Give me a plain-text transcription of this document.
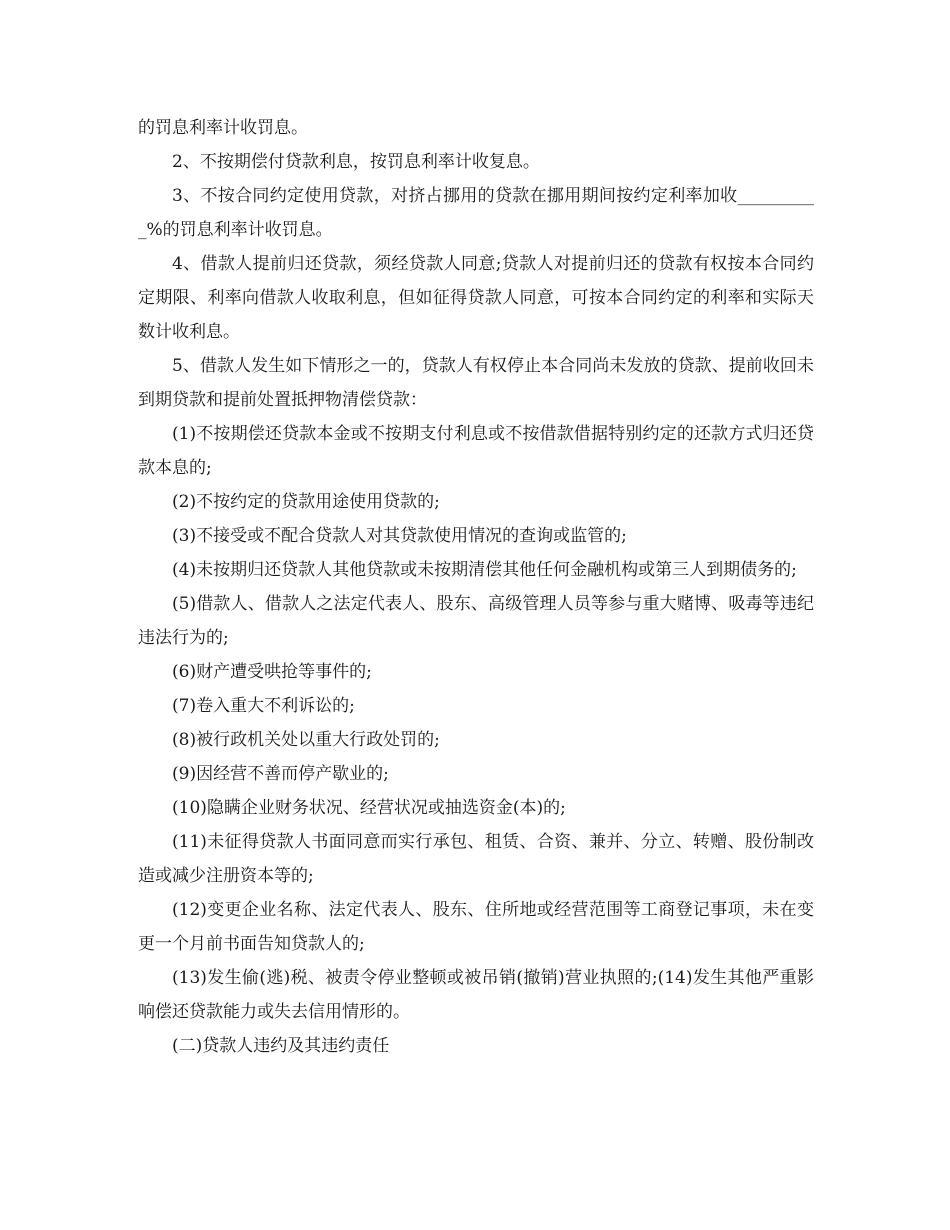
的罚息利率计收罚息。

2、不按期偿付贷款利息，按罚息利率计收复息。

3、不按合同约定使用贷款，对挤占挪用的贷款在挪用期间按约定利率加收__________%的罚息利率计收罚息。

4、借款人提前归还贷款，须经贷款人同意;贷款人对提前归还的贷款有权按本合同约定期限、利率向借款人收取利息，但如征得贷款人同意，可按本合同约定的利率和实际天数计收利息。

5、借款人发生如下情形之一的，贷款人有权停止本合同尚未发放的贷款、提前收回未到期贷款和提前处置抵押物清偿贷款：

(1)不按期偿还贷款本金或不按期支付利息或不按借款借据特别约定的还款方式归还贷款本息的;

(2)不按约定的贷款用途使用贷款的;

(3)不接受或不配合贷款人对其贷款使用情况的查询或监管的;

(4)未按期归还贷款人其他贷款或未按期清偿其他任何金融机构或第三人到期债务的;

(5)借款人、借款人之法定代表人、股东、高级管理人员等参与重大赌博、吸毒等违纪违法行为的;

(6)财产遭受哄抢等事件的;

(7)卷入重大不利诉讼的;

(8)被行政机关处以重大行政处罚的;

(9)因经营不善而停产歇业的;

(10)隐瞒企业财务状况、经营状况或抽选资金(本)的;

(11)未征得贷款人书面同意而实行承包、租赁、合资、兼并、分立、转赠、股份制改造或减少注册资本等的;

(12)变更企业名称、法定代表人、股东、住所地或经营范围等工商登记事项，未在变更一个月前书面告知贷款人的;

(13)发生偷(逃)税、被责令停业整顿或被吊销(撤销)营业执照的;(14)发生其他严重影响偿还贷款能力或失去信用情形的。

(二)贷款人违约及其违约责任
